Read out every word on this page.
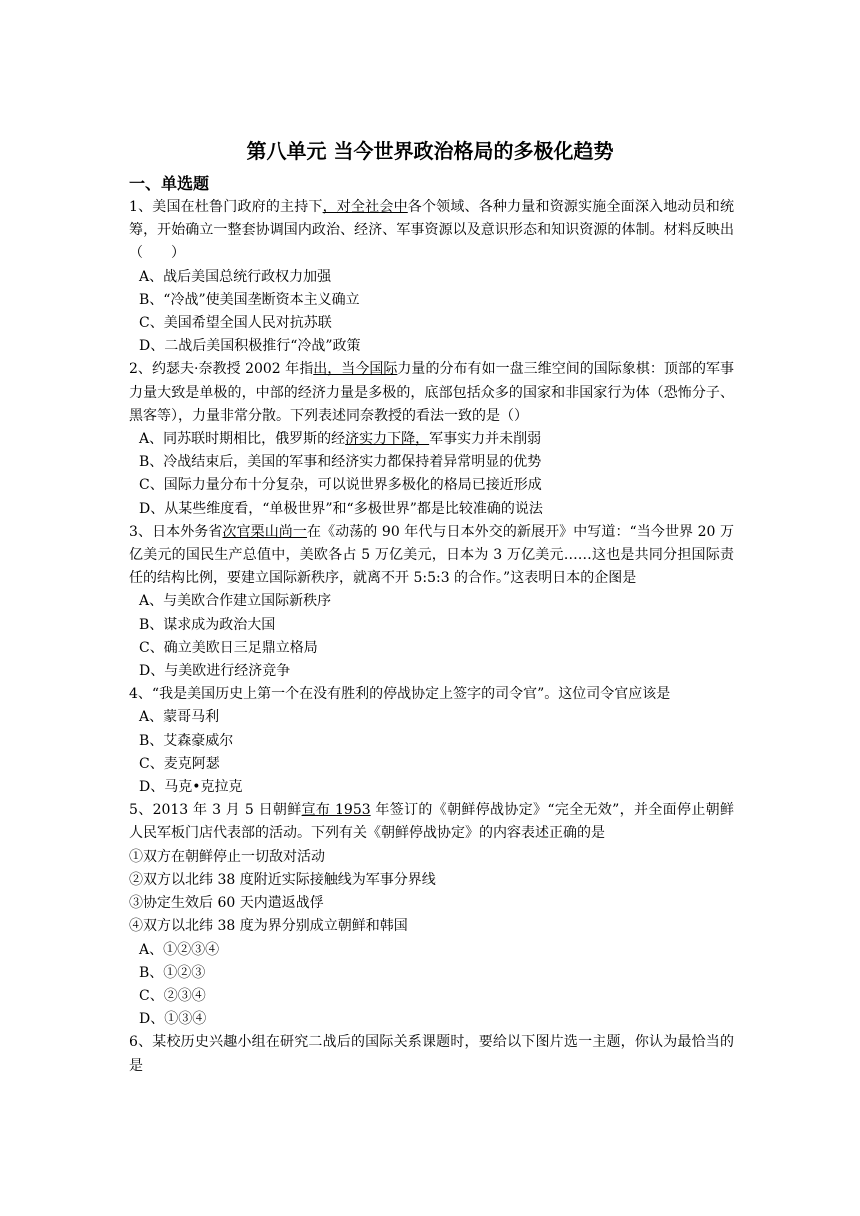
第八单元 当今世界政治格局的多极化趋势
一、单选题

1、美国在杜鲁门政府的主持下，对全社会中各个领域、各种力量和资源实施全面深入地动员和统筹，开始确立一整套协调国内政治、经济、军事资源以及意识形态和知识资源的体制。材料反映出（　　）

A、战后美国总统行政权力加强

B、“冷战”使美国垄断资本主义确立

C、美国希望全国人民对抗苏联

D、二战后美国积极推行“冷战”政策

2、约瑟夫·奈教授 2002 年指出，当今国际力量的分布有如一盘三维空间的国际象棋：顶部的军事力量大致是单极的，中部的经济力量是多极的，底部包括众多的国家和非国家行为体（恐怖分子、黑客等），力量非常分散。下列表述同奈教授的看法一致的是（）

A、同苏联时期相比，俄罗斯的经济实力下降，军事实力并未削弱

B、冷战结束后，美国的军事和经济实力都保持着异常明显的优势

C、国际力量分布十分复杂，可以说世界多极化的格局已接近形成

D、从某些维度看，“单极世界”和“多极世界”都是比较准确的说法

3、日本外务省次官栗山尚一在《动荡的 90 年代与日本外交的新展开》中写道：“当今世界 20 万亿美元的国民生产总值中，美欧各占 5 万亿美元，日本为 3 万亿美元……这也是共同分担国际责任的结构比例，要建立国际新秩序，就离不开 5:5:3 的合作。”这表明日本的企图是

A、与美欧合作建立国际新秩序

B、谋求成为政治大国

C、确立美欧日三足鼎立格局

D、与美欧进行经济竞争

4、“我是美国历史上第一个在没有胜利的停战协定上签字的司令官”。这位司令官应该是

A、蒙哥马利

B、艾森豪威尔

C、麦克阿瑟

D、马克•克拉克

5、2013 年 3 月 5 日朝鲜宣布 1953 年签订的《朝鲜停战协定》“完全无效”，并全面停止朝鲜人民军板门店代表部的活动。下列有关《朝鲜停战协定》的内容表述正确的是

①双方在朝鲜停止一切敌对活动

②双方以北纬 38 度附近实际接触线为军事分界线

③协定生效后 60 天内遣返战俘

④双方以北纬 38 度为界分别成立朝鲜和韩国

A、①②③④

B、①②③

C、②③④

D、①③④

6、某校历史兴趣小组在研究二战后的国际关系课题时，要给以下图片选一主题，你认为最恰当的是
